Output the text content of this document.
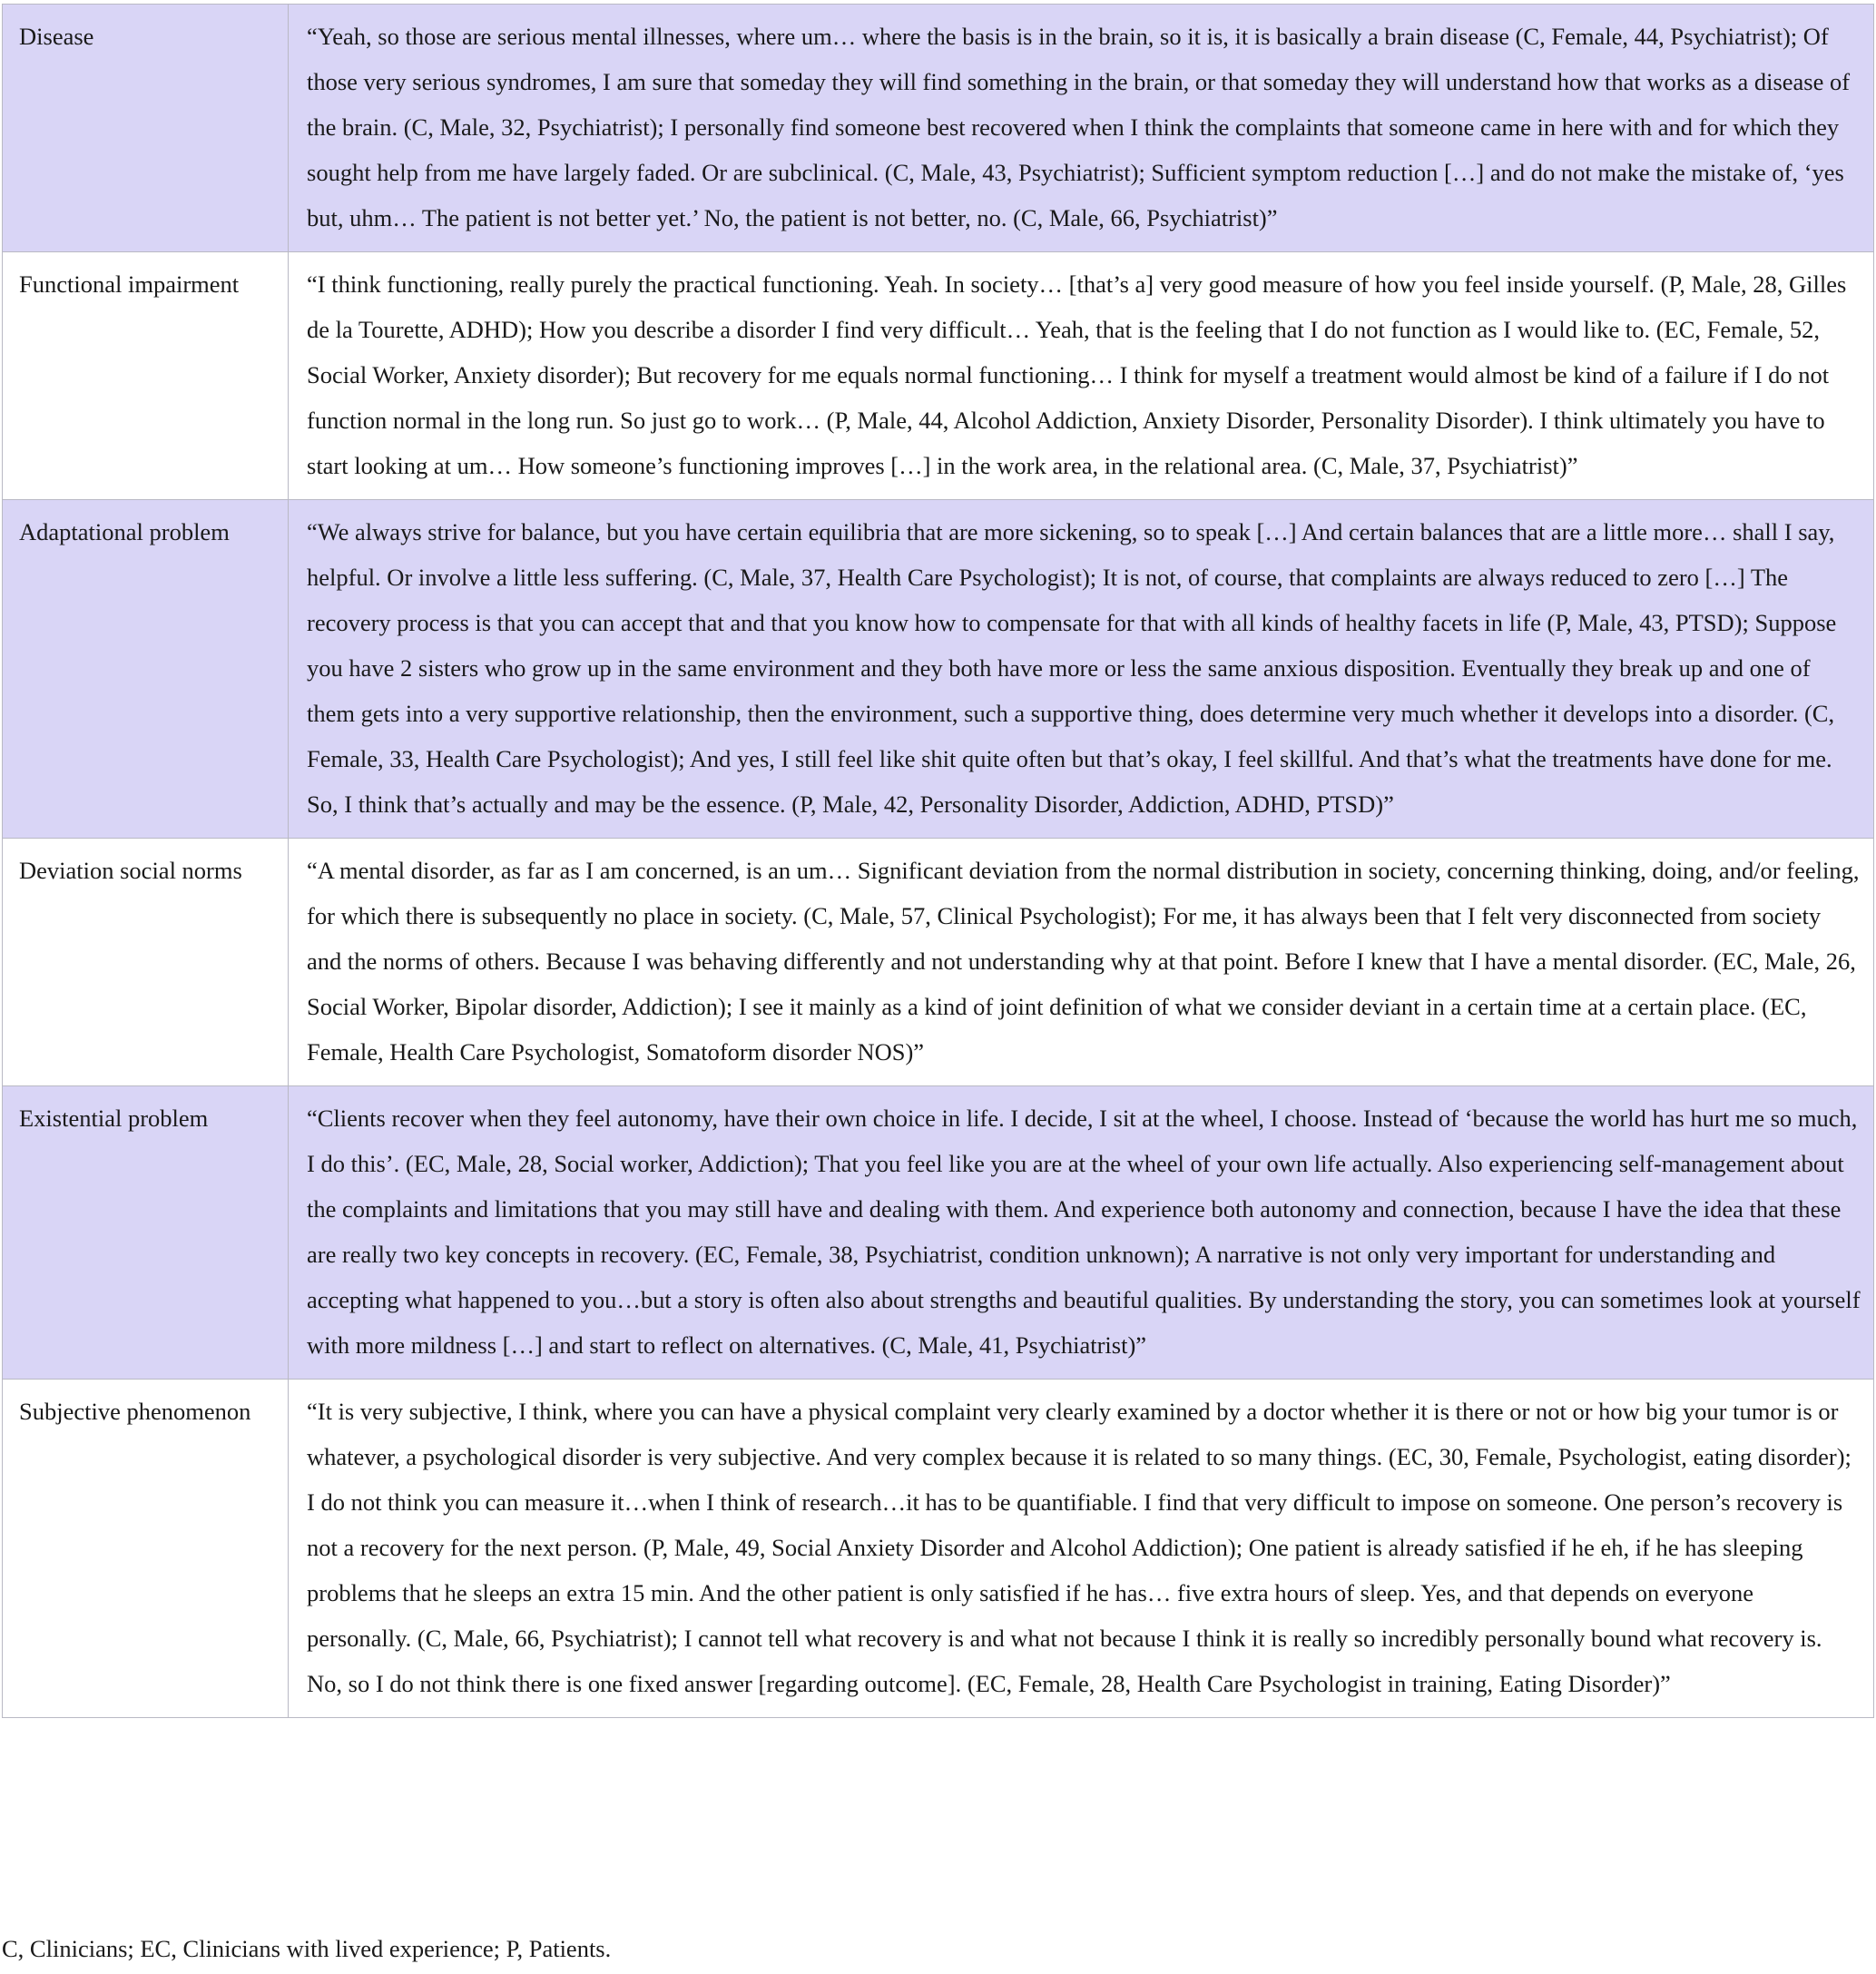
Disease	“Yeah, so those are serious mental illnesses, where um… where the basis is in the brain, so it is, it is basically a brain disease (C, Female, 44, Psychiatrist); Of those very serious syndromes, I am sure that someday they will find something in the brain, or that someday they will understand how that works as a disease of the brain. (C, Male, 32, Psychiatrist); I personally find someone best recovered when I think the complaints that someone came in here with and for which they sought help from me have largely faded. Or are subclinical. (C, Male, 43, Psychiatrist); Sufficient symptom reduction […] and do not make the mistake of, ‘yes but, uhm… The patient is not better yet.’ No, the patient is not better, no. (C, Male, 66, Psychiatrist)”
Functional impairment	“I think functioning, really purely the practical functioning. Yeah. In society… [that’s a] very good measure of how you feel inside yourself. (P, Male, 28, Gilles de la Tourette, ADHD); How you describe a disorder I find very difficult… Yeah, that is the feeling that I do not function as I would like to. (EC, Female, 52, Social Worker, Anxiety disorder); But recovery for me equals normal functioning… I think for myself a treatment would almost be kind of a failure if I do not function normal in the long run. So just go to work… (P, Male, 44, Alcohol Addiction, Anxiety Disorder, Personality Disorder). I think ultimately you have to start looking at um… How someone’s functioning improves […] in the work area, in the relational area. (C, Male, 37, Psychiatrist)”
Adaptational problem	“We always strive for balance, but you have certain equilibria that are more sickening, so to speak […] And certain balances that are a little more… shall I say, helpful. Or involve a little less suffering. (C, Male, 37, Health Care Psychologist); It is not, of course, that complaints are always reduced to zero […] The recovery process is that you can accept that and that you know how to compensate for that with all kinds of healthy facets in life (P, Male, 43, PTSD); Suppose you have 2 sisters who grow up in the same environment and they both have more or less the same anxious disposition. Eventually they break up and one of them gets into a very supportive relationship, then the environment, such a supportive thing, does determine very much whether it develops into a disorder. (C, Female, 33, Health Care Psychologist); And yes, I still feel like shit quite often but that’s okay, I feel skillful. And that’s what the treatments have done for me. So, I think that’s actually and may be the essence. (P, Male, 42, Personality Disorder, Addiction, ADHD, PTSD)”
Deviation social norms	“A mental disorder, as far as I am concerned, is an um… Significant deviation from the normal distribution in society, concerning thinking, doing, and/or feeling, for which there is subsequently no place in society. (C, Male, 57, Clinical Psychologist); For me, it has always been that I felt very disconnected from society and the norms of others. Because I was behaving differently and not understanding why at that point. Before I knew that I have a mental disorder. (EC, Male, 26, Social Worker, Bipolar disorder, Addiction); I see it mainly as a kind of joint definition of what we consider deviant in a certain time at a certain place. (EC, Female, Health Care Psychologist, Somatoform disorder NOS)”
Existential problem	“Clients recover when they feel autonomy, have their own choice in life. I decide, I sit at the wheel, I choose. Instead of ‘because the world has hurt me so much, I do this’. (EC, Male, 28, Social worker, Addiction); That you feel like you are at the wheel of your own life actually. Also experiencing self-management about the complaints and limitations that you may still have and dealing with them. And experience both autonomy and connection, because I have the idea that these are really two key concepts in recovery. (EC, Female, 38, Psychiatrist, condition unknown); A narrative is not only very important for understanding and accepting what happened to you…but a story is often also about strengths and beautiful qualities. By understanding the story, you can sometimes look at yourself with more mildness […] and start to reflect on alternatives. (C, Male, 41, Psychiatrist)”
Subjective phenomenon	“It is very subjective, I think, where you can have a physical complaint very clearly examined by a doctor whether it is there or not or how big your tumor is or whatever, a psychological disorder is very subjective. And very complex because it is related to so many things. (EC, 30, Female, Psychologist, eating disorder); I do not think you can measure it…when I think of research…it has to be quantifiable. I find that very difficult to impose on someone. One person’s recovery is not a recovery for the next person. (P, Male, 49, Social Anxiety Disorder and Alcohol Addiction); One patient is already satisfied if he eh, if he has sleeping problems that he sleeps an extra 15 min. And the other patient is only satisfied if he has… five extra hours of sleep. Yes, and that depends on everyone personally. (C, Male, 66, Psychiatrist); I cannot tell what recovery is and what not because I think it is really so incredibly personally bound what recovery is. No, so I do not think there is one fixed answer [regarding outcome]. (EC, Female, 28, Health Care Psychologist in training, Eating Disorder)”
C, Clinicians; EC, Clinicians with lived experience; P, Patients.
